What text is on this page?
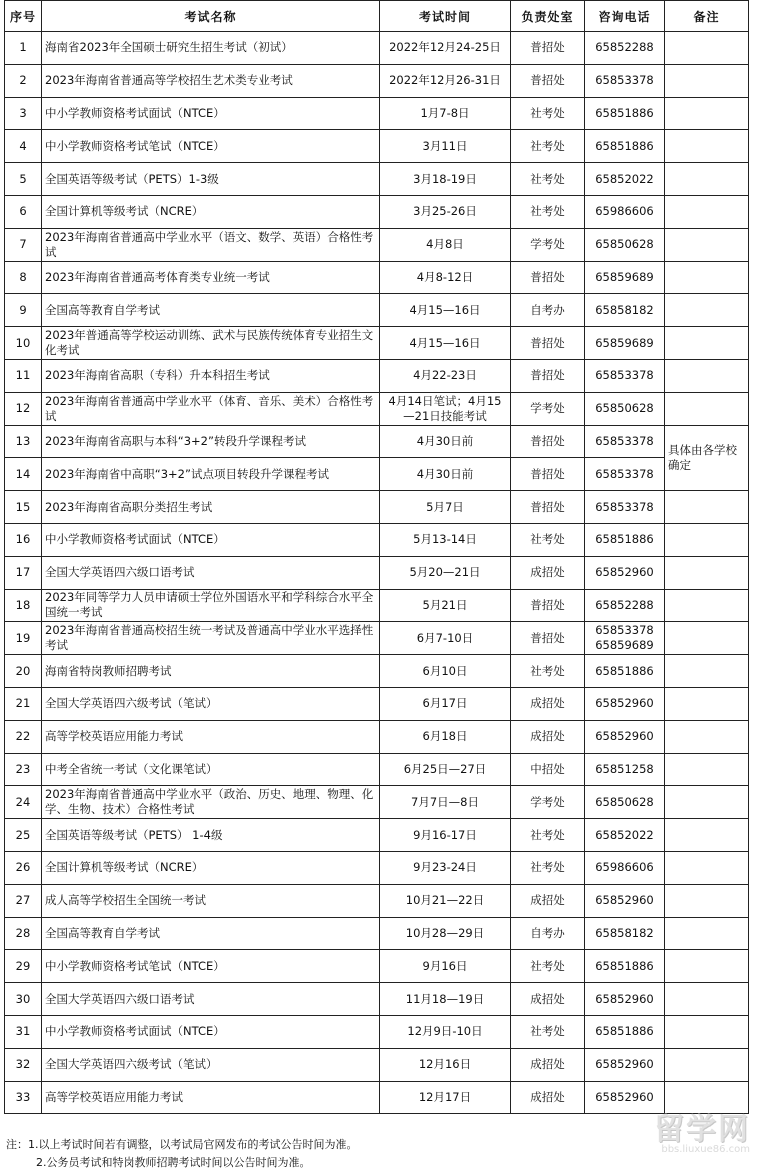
序号	考试名称	考试时间	负责处室	咨询电话	备注
1	海南省2023年全国硕士研究生招生考试（初试）	2022年12月24-25日	普招处	65852288	
2	2023年海南省普通高等学校招生艺术类专业考试	2022年12月26-31日	普招处	65853378	
3	中小学教师资格考试面试（NTCE）	1月7-8日	社考处	65851886	
4	中小学教师资格考试笔试（NTCE）	3月11日	社考处	65851886	
5	全国英语等级考试（PETS）1-3级	3月18-19日	社考处	65852022	
6	全国计算机等级考试（NCRE）	3月25-26日	社考处	65986606	
7	2023年海南省普通高中学业水平（语文、数学、英语）合格性考试	4月8日	学考处	65850628	
8	2023年海南省普通高考体育类专业统一考试	4月8-12日	普招处	65859689	
9	全国高等教育自学考试	4月15—16日	自考办	65858182	
10	2023年普通高等学校运动训练、武术与民族传统体育专业招生文化考试	4月15—16日	普招处	65859689	
11	2023年海南省高职（专科）升本科招生考试	4月22-23日	普招处	65853378	
12	2023年海南省普通高中学业水平（体育、音乐、美术）合格性考试	4月14日笔试；4月15—21日技能考试	学考处	65850628	
13	2023年海南省高职与本科“3+2”转段升学课程考试	4月30日前	普招处	65853378	具体由各学校确定
14	2023年海南省中高职“3+2”试点项目转段升学课程考试	4月30日前	普招处	65853378	
15	2023年海南省高职分类招生考试	5月7日	普招处	65853378	
16	中小学教师资格考试面试（NTCE）	5月13-14日	社考处	65851886	
17	全国大学英语四六级口语考试	5月20—21日	成招处	65852960	
18	2023年同等学力人员申请硕士学位外国语水平和学科综合水平全国统一考试	5月21日	普招处	65852288	
19	2023年海南省普通高校招生统一考试及普通高中学业水平选择性考试	6月7-10日	普招处	65853378 65859689	
20	海南省特岗教师招聘考试	6月10日	社考处	65851886	
21	全国大学英语四六级考试（笔试）	6月17日	成招处	65852960	
22	高等学校英语应用能力考试	6月18日	成招处	65852960	
23	中考全省统一考试（文化课笔试）	6月25日—27日	中招处	65851258	
24	2023年海南省普通高中学业水平（政治、历史、地理、物理、化学、生物、技术）合格性考试	7月7日—8日	学考处	65850628	
25	全国英语等级考试（PETS） 1-4级	9月16-17日	社考处	65852022	
26	全国计算机等级考试（NCRE）	9月23-24日	社考处	65986606	
27	成人高等学校招生全国统一考试	10月21—22日	成招处	65852960	
28	全国高等教育自学考试	10月28—29日	自考办	65858182	
29	中小学教师资格考试笔试（NTCE）	9月16日	社考处	65851886	
30	全国大学英语四六级口语考试	11月18—19日	成招处	65852960	
31	中小学教师资格考试面试（NTCE）	12月9日-10日	社考处	65851886	
32	全国大学英语四六级考试（笔试）	12月16日	成招处	65852960	
33	高等学校英语应用能力考试	12月17日	成招处	65852960	
注：1.以上考试时间若有调整，以考试局官网发布的考试公告时间为准。
2.公务员考试和特岗教师招聘考试时间以公告时间为准。
留学网
bbs.liuxue86.com
